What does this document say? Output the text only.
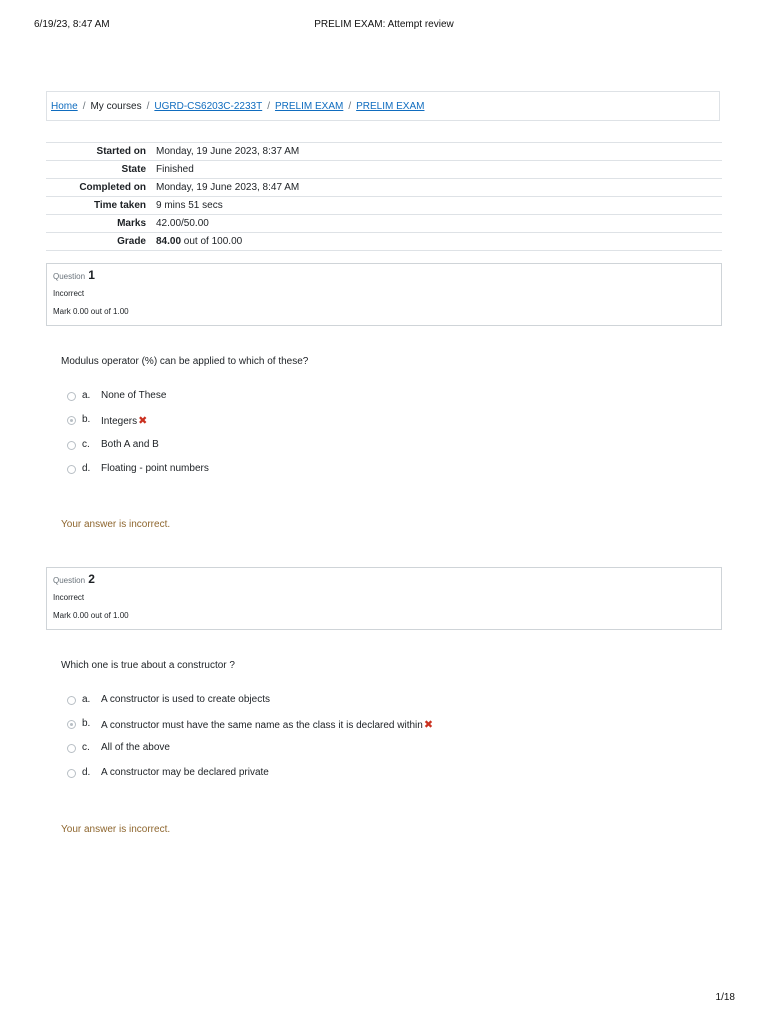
6/19/23, 8:47 AM	PRELIM EXAM: Attempt review
Home / My courses / UGRD-CS6203C-2233T / PRELIM EXAM / PRELIM EXAM
Started on	Monday, 19 June 2023, 8:37 AM
State	Finished
Completed on	Monday, 19 June 2023, 8:47 AM
Time taken	9 mins 51 secs
Marks	42.00/50.00
Grade	84.00 out of 100.00
Question 1
Incorrect
Mark 0.00 out of 1.00
Modulus operator (%) can be applied to which of these?
a. None of These
b. Integers✖
c. Both A and B
d. Floating - point numbers
Your answer is incorrect.
Question 2
Incorrect
Mark 0.00 out of 1.00
Which one is true about a constructor ?
a. A constructor is used to create objects
b. A constructor must have the same name as the class it is declared within✖
c. All of the above
d. A constructor may be declared private
Your answer is incorrect.
1/18
